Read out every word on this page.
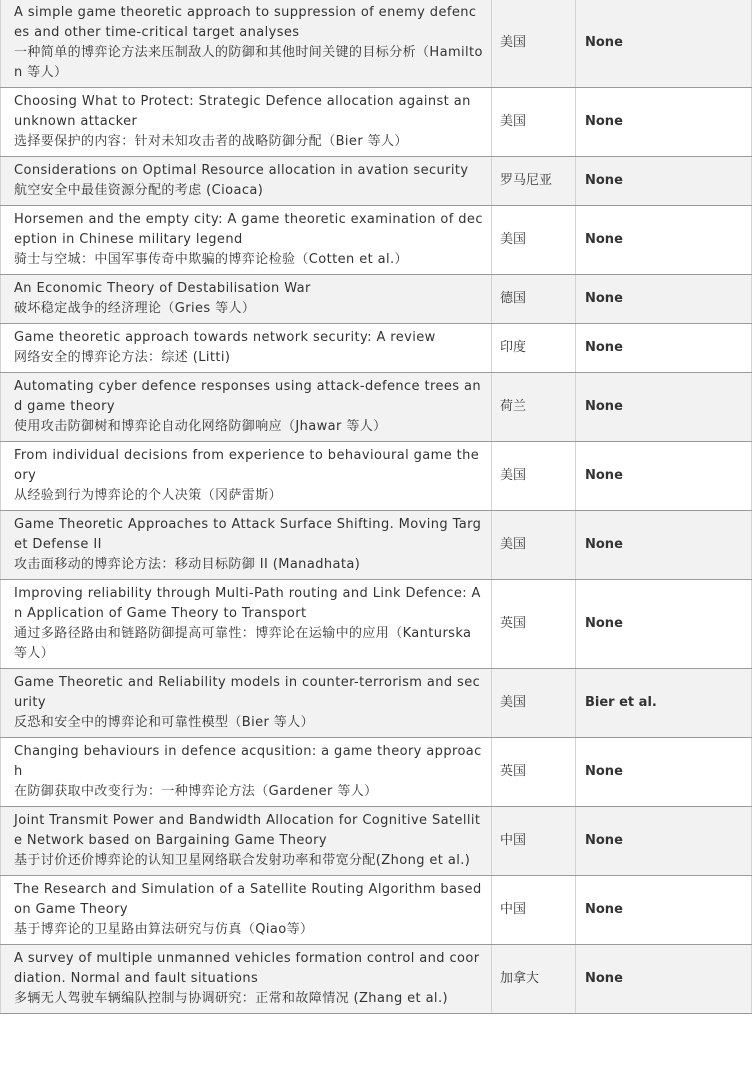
A simple game theoretic approach to suppression of enemy defences and other time-critical target analyses
一种简单的博弈论方法来压制敌人的防御和其他时间关键的目标分析（Hamilton 等人）	美国	None

Choosing What to Protect: Strategic Defence allocation against an unknown attacker
选择要保护的内容：针对未知攻击者的战略防御分配（Bier 等人）	美国	None

Considerations on Optimal Resource allocation in avation security
航空安全中最佳资源分配的考虑 (Cioaca)	罗马尼亚	None

Horsemen and the empty city: A game theoretic examination of deception in Chinese military legend
骑士与空城：中国军事传奇中欺骗的博弈论检验（Cotten et al.）	美国	None

An Economic Theory of Destabilisation War
破坏稳定战争的经济理论（Gries 等人）	德国	None

Game theoretic approach towards network security: A review
网络安全的博弈论方法：综述 (Litti)	印度	None

Automating cyber defence responses using attack-defence trees and game theory
使用攻击防御树和博弈论自动化网络防御响应（Jhawar 等人）	荷兰	None

From individual decisions from experience to behavioural game theory
从经验到行为博弈论的个人决策（冈萨雷斯）	美国	None

Game Theoretic Approaches to Attack Surface Shifting. Moving Target Defense II
攻击面移动的博弈论方法：移动目标防御 II (Manadhata)	美国	None

Improving reliability through Multi-Path routing and Link Defence: An Application of Game Theory to Transport
通过多路径路由和链路防御提高可靠性：博弈论在运输中的应用（Kanturska 等人）	英国	None

Game Theoretic and Reliability models in counter-terrorism and security
反恐和安全中的博弈论和可靠性模型（Bier 等人）	美国	Bier et al.

Changing behaviours in defence acqusition: a game theory approach
在防御获取中改变行为：一种博弈论方法（Gardener 等人）	英国	None

Joint Transmit Power and Bandwidth Allocation for Cognitive Satellite Network based on Bargaining Game Theory
基于讨价还价博弈论的认知卫星网络联合发射功率和带宽分配(Zhong et al.)	中国	None

The Research and Simulation of a Satellite Routing Algorithm based on Game Theory
基于博弈论的卫星路由算法研究与仿真（Qiao等）	中国	None

A survey of multiple unmanned vehicles formation control and coordiation. Normal and fault situations
多辆无人驾驶车辆编队控制与协调研究：正常和故障情况 (Zhang et al.)	加拿大	None
